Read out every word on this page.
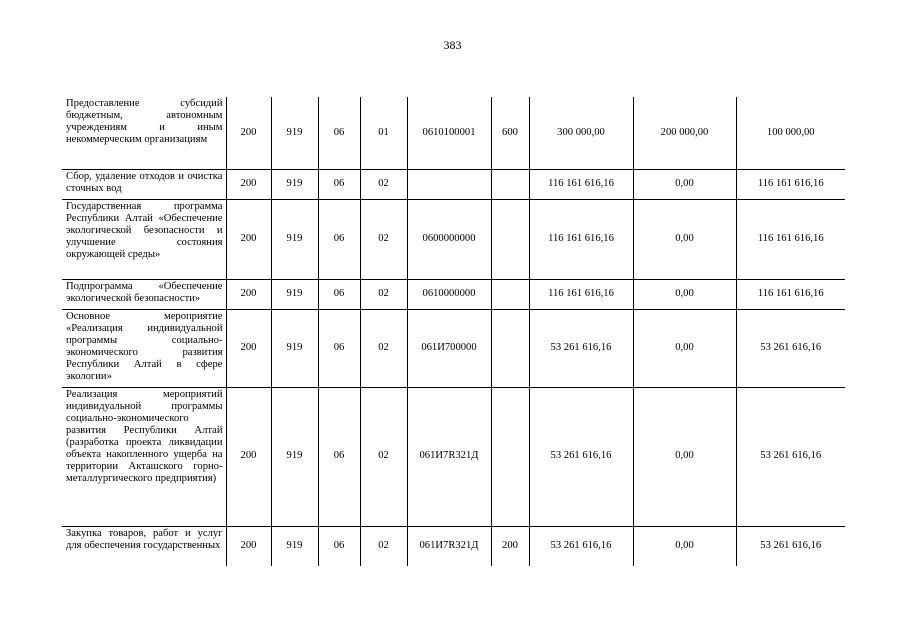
383
Предоставление субсидий бюджетным, автономным учреждениям и иным некоммерческим организациям	200	919	06	01	0610100001	600	300 000,00	200 000,00	100 000,00
Сбор, удаление отходов и очистка сточных вод	200	919	06	02			116 161 616,16	0,00	116 161 616,16
Государственная программа Республики Алтай «Обеспечение экологической безопасности и улучшение состояния окружающей среды»	200	919	06	02	0600000000		116 161 616,16	0,00	116 161 616,16
Подпрограмма «Обеспечение экологической безопасности»	200	919	06	02	0610000000		116 161 616,16	0,00	116 161 616,16
Основное мероприятие «Реализация индивидуальной программы социально-экономического развития Республики Алтай в сфере экологии»	200	919	06	02	061И700000		53 261 616,16	0,00	53 261 616,16
Реализация мероприятий индивидуальной программы социально-экономического развития Республики Алтай (разработка проекта ликвидации объекта накопленного ущерба на территории Акташского горно-металлургического предприятия)	200	919	06	02	061И7R321Д		53 261 616,16	0,00	53 261 616,16
Закупка товаров, работ и услуг для обеспечения государственных	200	919	06	02	061И7R321Д	200	53 261 616,16	0,00	53 261 616,16
